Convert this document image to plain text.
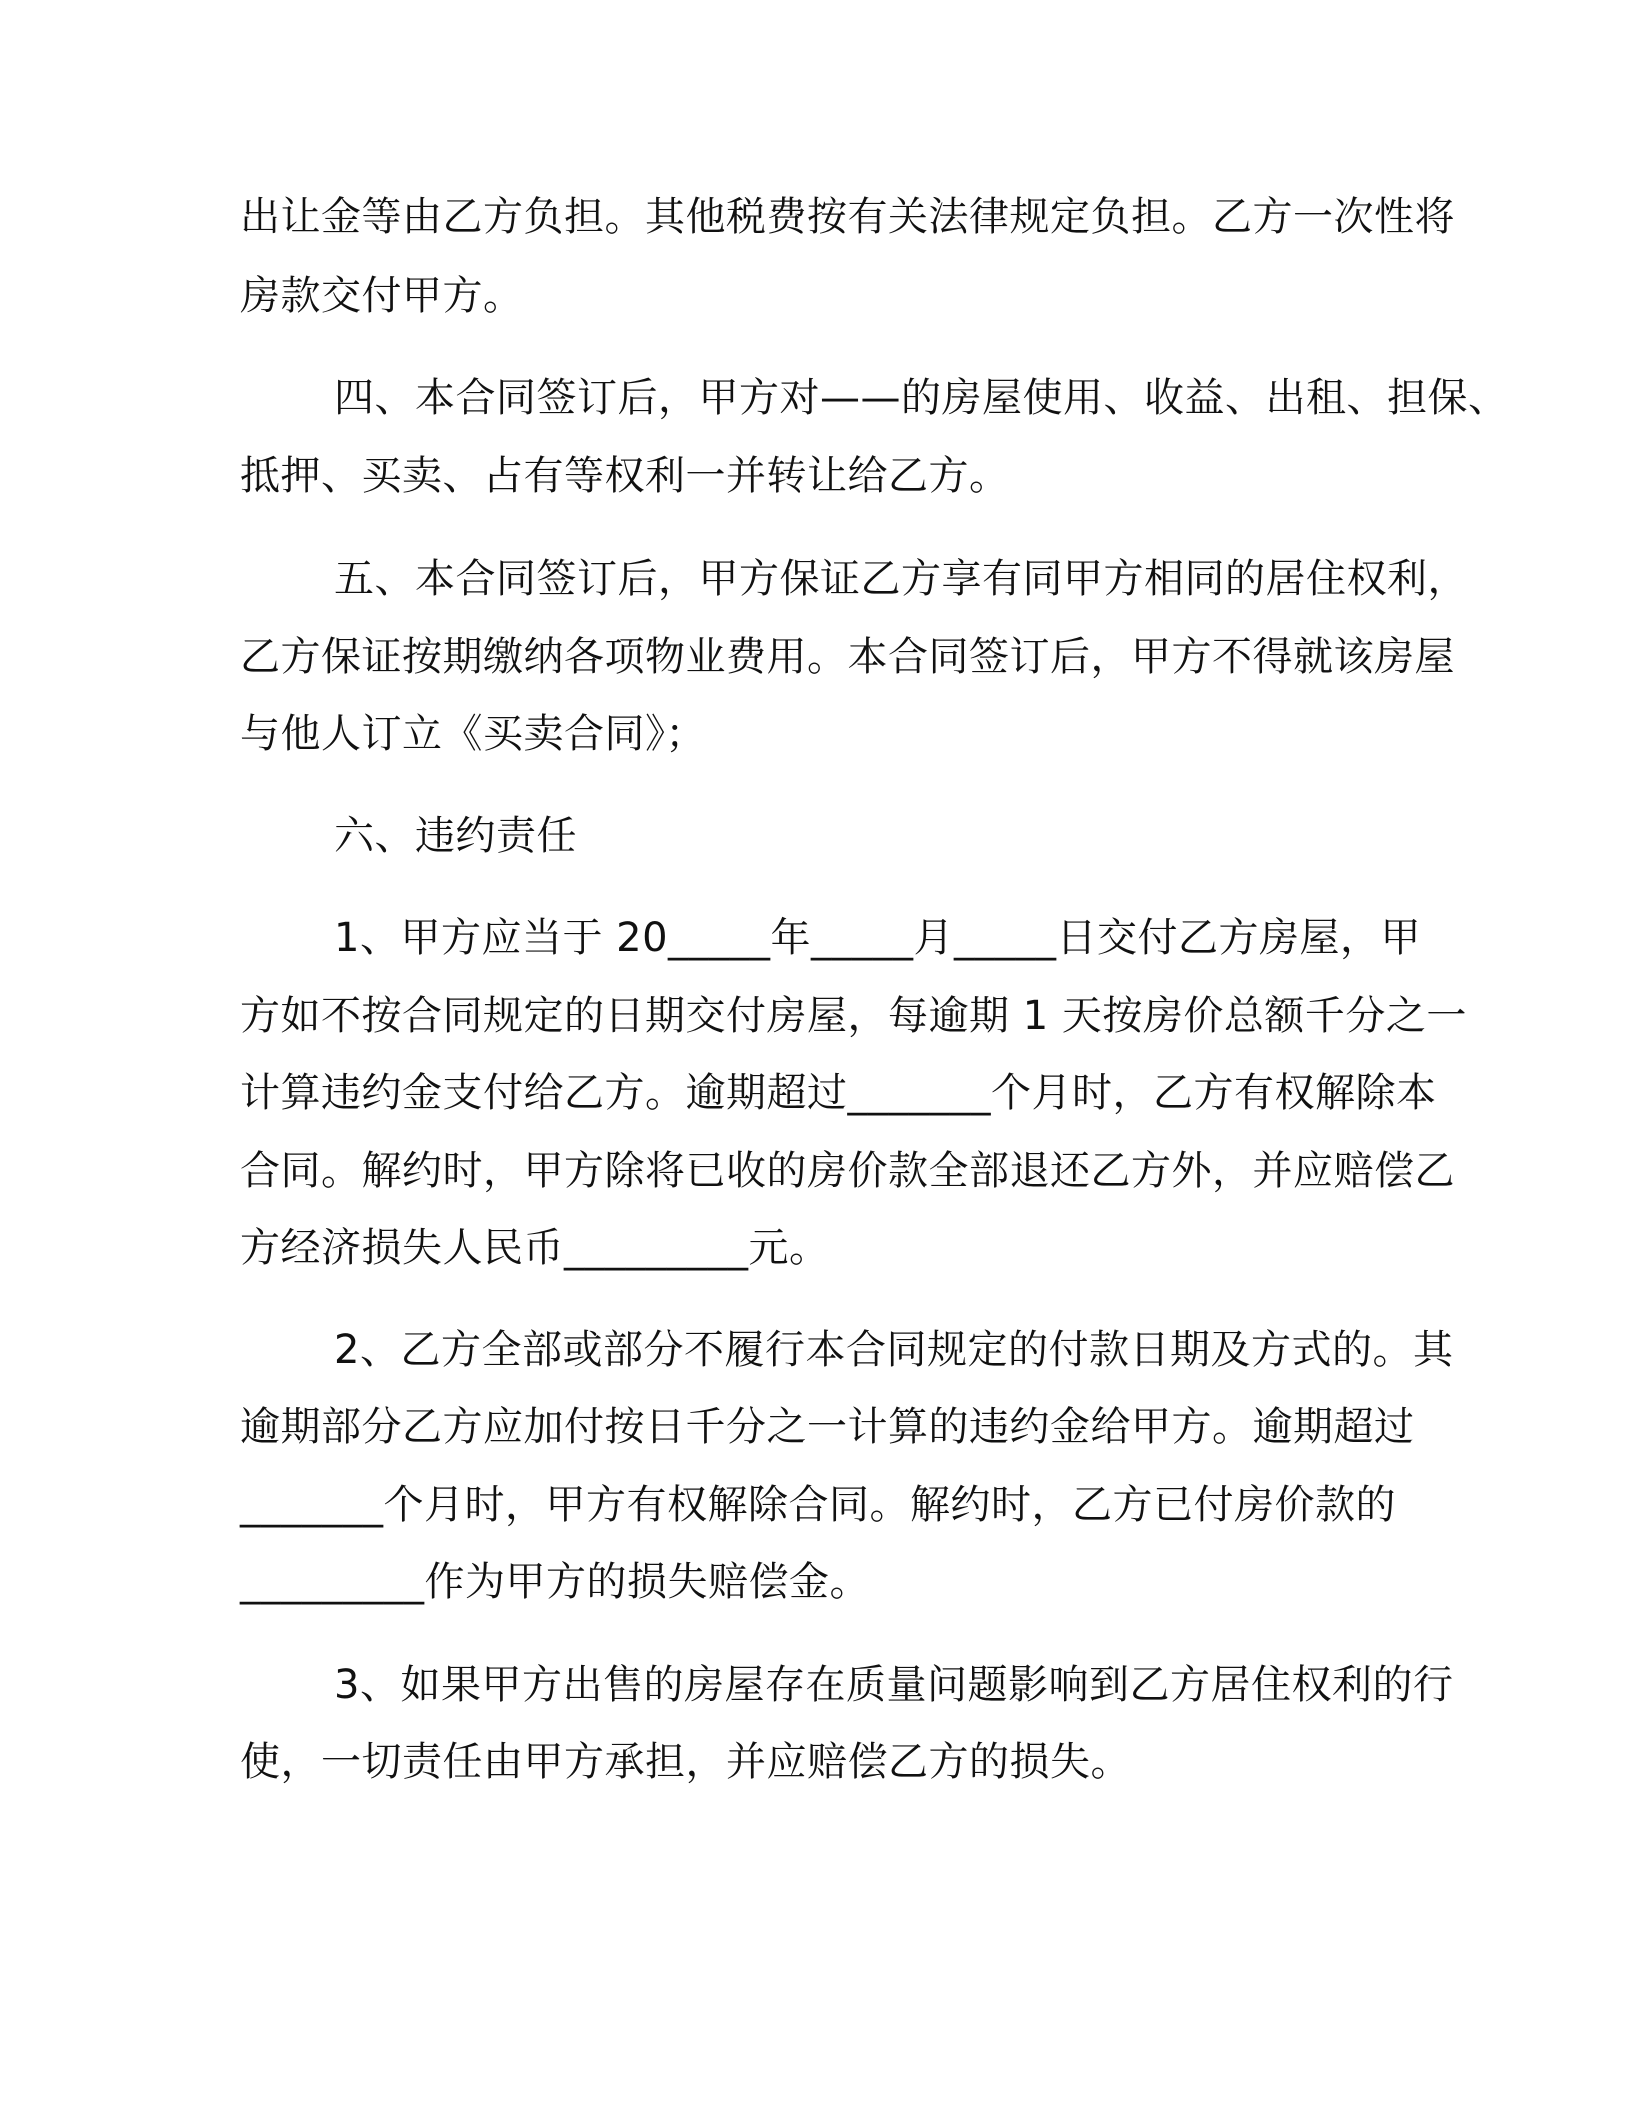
出让金等由乙方负担。其他税费按有关法律规定负担。乙方一次性将
房款交付甲方。
四、本合同签订后，甲方对——的房屋使用、收益、出租、担保、
抵押、买卖、占有等权利一并转让给乙方。
五、本合同签订后，甲方保证乙方享有同甲方相同的居住权利，
乙方保证按期缴纳各项物业费用。本合同签订后，甲方不得就该房屋
与他人订立《买卖合同》；
六、违约责任
1、甲方应当于 20_____年_____月_____日交付乙方房屋，甲
方如不按合同规定的日期交付房屋，每逾期 1 天按房价总额千分之一
计算违约金支付给乙方。逾期超过_______个月时，乙方有权解除本
合同。解约时，甲方除将已收的房价款全部退还乙方外，并应赔偿乙
方经济损失人民币_________元。
2、乙方全部或部分不履行本合同规定的付款日期及方式的。其
逾期部分乙方应加付按日千分之一计算的违约金给甲方。逾期超过
_______个月时，甲方有权解除合同。解约时，乙方已付房价款的
_________作为甲方的损失赔偿金。
3、如果甲方出售的房屋存在质量问题影响到乙方居住权利的行
使，一切责任由甲方承担，并应赔偿乙方的损失。
